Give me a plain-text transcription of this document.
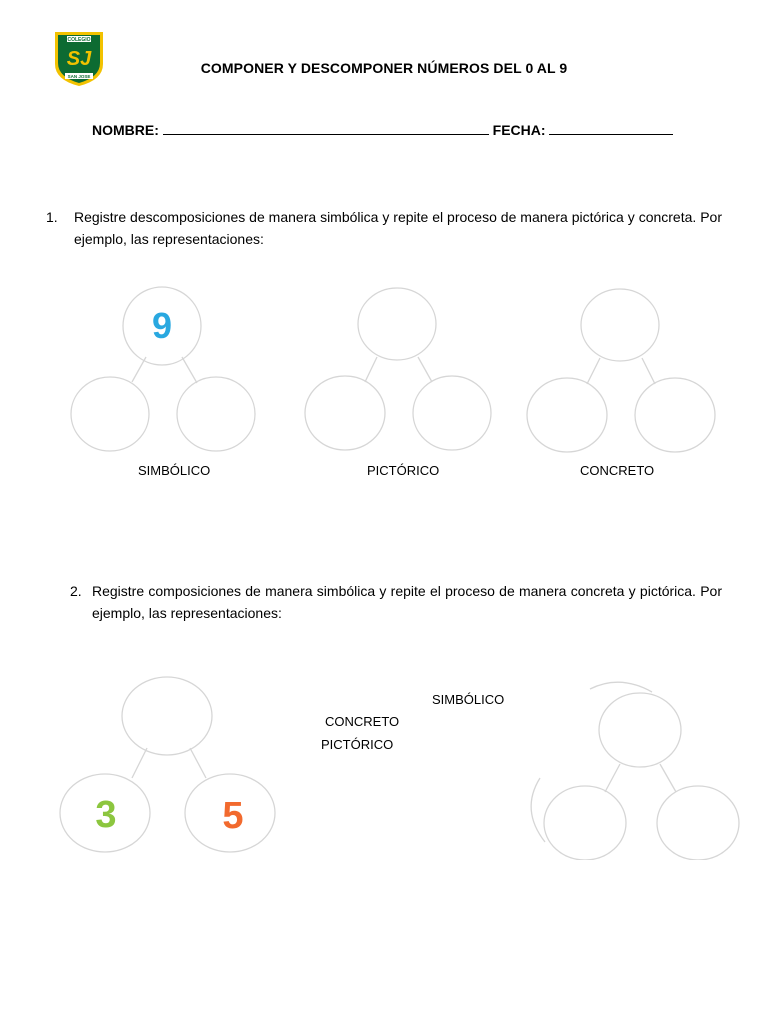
COLEGIO
SJ
SAN JOSE
COMPONER Y DESCOMPONER NÚMEROS DEL 0 AL 9
NOMBRE:	FECHA:
1. Registre descomposiciones de manera simbólica y repite el proceso de manera pictórica y concreta. Por ejemplo, las representaciones:
9
SIMBÓLICO	PICTÓRICO	CONCRETO
2. Registre composiciones de manera simbólica y repite el proceso de manera concreta y pictórica. Por ejemplo, las representaciones:
3	5
SIMBÓLICO
CONCRETO
PICTÓRICO
